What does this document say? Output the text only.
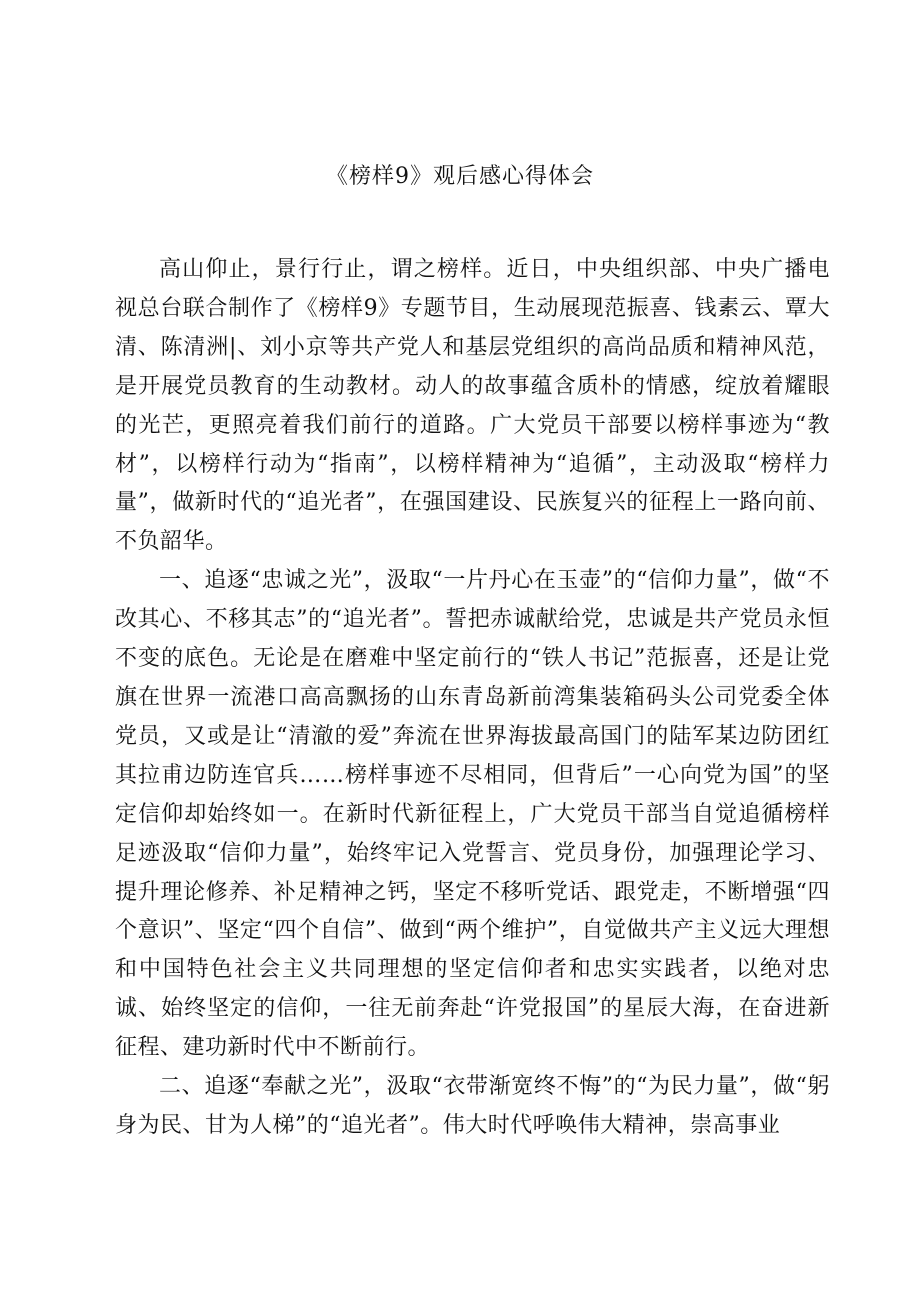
《榜样9》观后感心得体会

高山仰止，景行行止，谓之榜样。近日，中央组织部、中央广播电视总台联合制作了《榜样9》专题节目，生动展现范振喜、钱素云、覃大清、陈清洲|、刘小京等共产党人和基层党组织的高尚品质和精神风范，是开展党员教育的生动教材。动人的故事蕴含质朴的情感，绽放着耀眼的光芒，更照亮着我们前行的道路。广大党员干部要以榜样事迹为“教材”，以榜样行动为“指南”，以榜样精神为“追循”，主动汲取“榜样力量”，做新时代的“追光者”，在强国建设、民族复兴的征程上一路向前、不负韶华。

一、追逐“忠诚之光”，汲取“一片丹心在玉壶”的“信仰力量”，做“不改其心、不移其志”的“追光者”。誓把赤诚献给党，忠诚是共产党员永恒不变的底色。无论是在磨难中坚定前行的“铁人书记”范振喜，还是让党旗在世界一流港口高高飘扬的山东青岛新前湾集装箱码头公司党委全体党员，又或是让“清澈的爱”奔流在世界海拔最高国门的陆军某边防团红其拉甫边防连官兵……榜样事迹不尽相同，但背后”一心向党为国”的坚定信仰却始终如一。在新时代新征程上，广大党员干部当自觉追循榜样足迹汲取“信仰力量”，始终牢记入党誓言、党员身份，加强理论学习、提升理论修养、补足精神之钙，坚定不移听党话、跟党走，不断增强“四个意识”、坚定“四个自信”、做到“两个维护”，自觉做共产主义远大理想和中国特色社会主义共同理想的坚定信仰者和忠实实践者，以绝对忠诚、始终坚定的信仰，一往无前奔赴“许党报国”的星辰大海，在奋进新征程、建功新时代中不断前行。

二、追逐“奉献之光”，汲取“衣带渐宽终不悔”的“为民力量”，做“躬身为民、甘为人梯”的“追光者”。伟大时代呼唤伟大精神，崇高事业
